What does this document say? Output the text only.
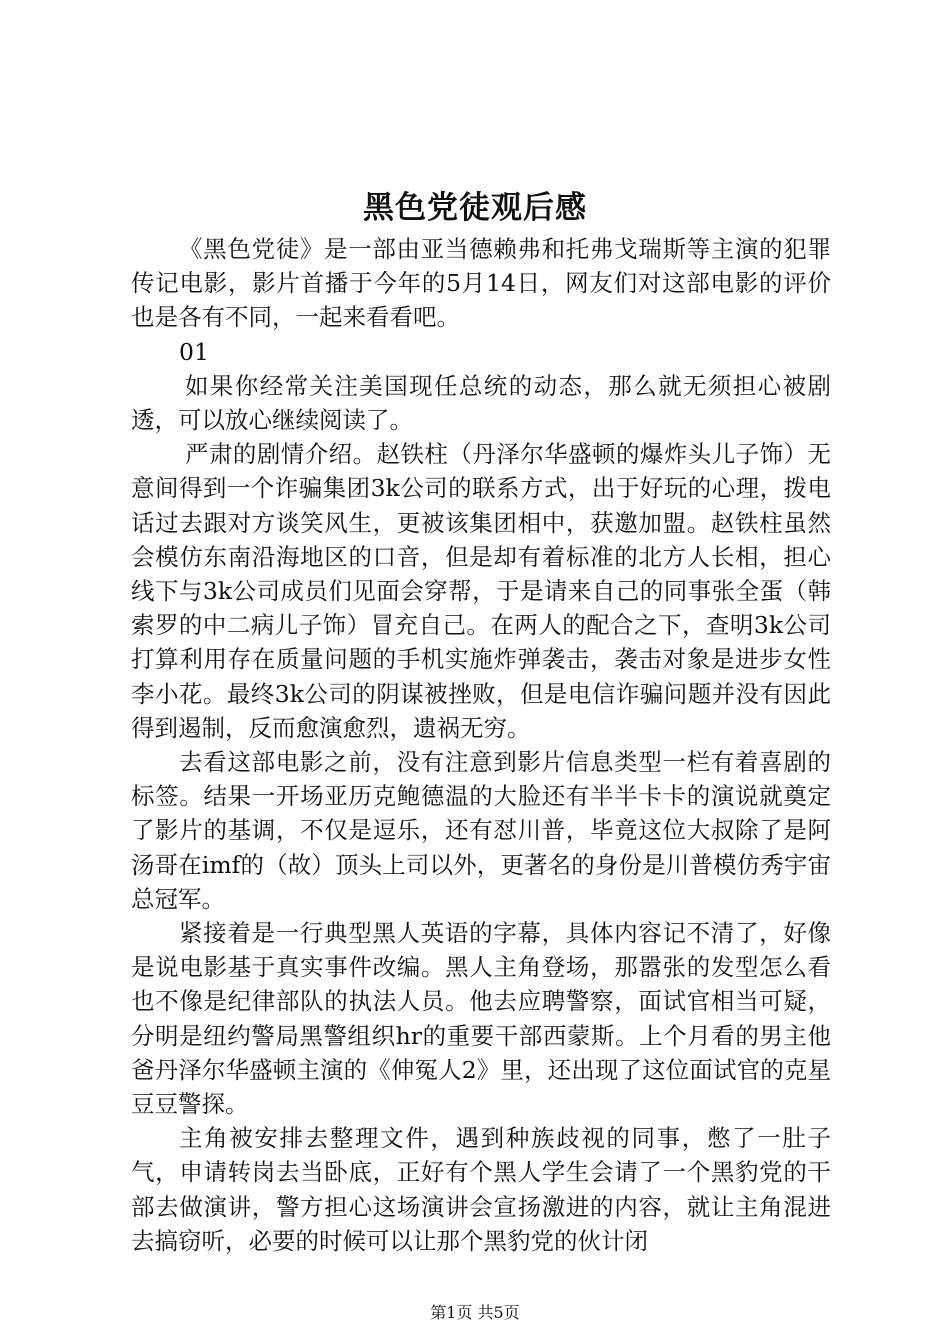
黑色党徒观后感

《黑色党徒》是一部由亚当德赖弗和托弗戈瑞斯等主演的犯罪传记电影，影片首播于今年的5月14日，网友们对这部电影的评价也是各有不同，一起来看看吧。

01

如果你经常关注美国现任总统的动态，那么就无须担心被剧透，可以放心继续阅读了。

严肃的剧情介绍。赵铁柱（丹泽尔华盛顿的爆炸头儿子饰）无意间得到一个诈骗集团3k公司的联系方式，出于好玩的心理，拨电话过去跟对方谈笑风生，更被该集团相中，获邀加盟。赵铁柱虽然会模仿东南沿海地区的口音，但是却有着标准的北方人长相，担心线下与3k公司成员们见面会穿帮，于是请来自己的同事张全蛋（韩索罗的中二病儿子饰）冒充自己。在两人的配合之下，查明3k公司打算利用存在质量问题的手机实施炸弹袭击，袭击对象是进步女性李小花。最终3k公司的阴谋被挫败，但是电信诈骗问题并没有因此得到遏制，反而愈演愈烈，遗祸无穷。

去看这部电影之前，没有注意到影片信息类型一栏有着喜剧的标签。结果一开场亚历克鲍德温的大脸还有半半卡卡的演说就奠定了影片的基调，不仅是逗乐，还有怼川普，毕竟这位大叔除了是阿汤哥在imf的（故）顶头上司以外，更著名的身份是川普模仿秀宇宙总冠军。

紧接着是一行典型黑人英语的字幕，具体内容记不清了，好像是说电影基于真实事件改编。黑人主角登场，那嚣张的发型怎么看也不像是纪律部队的执法人员。他去应聘警察，面试官相当可疑，分明是纽约警局黑警组织hr的重要干部西蒙斯。上个月看的男主他爸丹泽尔华盛顿主演的《伸冤人2》里，还出现了这位面试官的克星豆豆警探。

主角被安排去整理文件，遇到种族歧视的同事，憋了一肚子气，申请转岗去当卧底，正好有个黑人学生会请了一个黑豹党的干部去做演讲，警方担心这场演讲会宣扬激进的内容，就让主角混进去搞窃听，必要的时候可以让那个黑豹党的伙计闭

第1页 共5页
